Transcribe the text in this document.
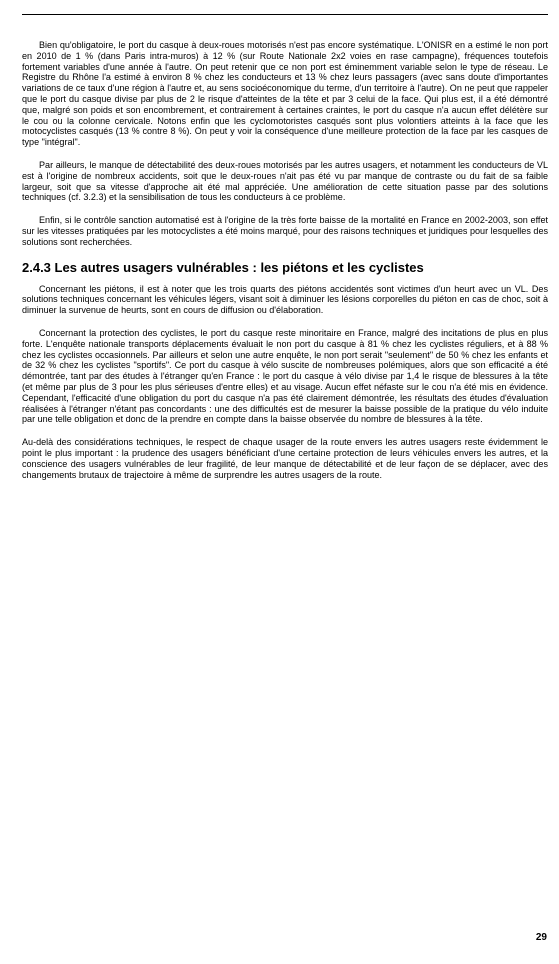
Bien qu'obligatoire, le port du casque à deux-roues motorisés n'est pas encore systématique. L'ONISR en a estimé le non port en 2010 de 1 % (dans Paris intra-muros) à 12 % (sur Route Nationale 2x2 voies en rase campagne), fréquences toutefois fortement variables d'une année à l'autre. On peut retenir que ce non port est éminemment variable selon le type de réseau. Le Registre du Rhône l'a estimé à environ 8 % chez les conducteurs et 13 % chez leurs passagers (avec sans doute d'importantes variations de ce taux d'une région à l'autre et, au sens socioéconomique du terme, d'un territoire à l'autre). On ne peut que rappeler que le port du casque divise par plus de 2 le risque d'atteintes de la tête et par 3 celui de la face. Qui plus est, il a été démontré que, malgré son poids et son encombrement, et contrairement à certaines craintes, le port du casque n'a aucun effet délétère sur le cou ou la colonne cervicale. Notons enfin que les cyclomotoristes casqués sont plus volontiers atteints à la face que les motocyclistes casqués (13 % contre 8 %). On peut y voir la conséquence d'une meilleure protection de la face par les casques de type "intégral".

Par ailleurs, le manque de détectabilité des deux-roues motorisés par les autres usagers, et notamment les conducteurs de VL est à l'origine de nombreux accidents, soit que le deux-roues n'ait pas été vu par manque de contraste ou du fait de sa faible largeur, soit que sa vitesse d'approche ait été mal appréciée. Une amélioration de cette situation passe par des solutions techniques (cf. 3.2.3) et la sensibilisation de tous les conducteurs à ce problème.

Enfin, si le contrôle sanction automatisé est à l'origine de la très forte baisse de la mortalité en France en 2002-2003, son effet sur les vitesses pratiquées par les motocyclistes a été moins marqué, pour des raisons techniques et juridiques pour lesquelles des solutions sont recherchées.

2.4.3 Les autres usagers vulnérables : les piétons et les cyclistes

Concernant les piétons, il est à noter que les trois quarts des piétons accidentés sont victimes d'un heurt avec un VL. Des solutions techniques concernant les véhicules légers, visant soit à diminuer les lésions corporelles du piéton en cas de choc, soit à diminuer la survenue de heurts, sont en cours de diffusion ou d'élaboration.

Concernant la protection des cyclistes, le port du casque reste minoritaire en France, malgré des incitations de plus en plus forte. L'enquête nationale transports déplacements évaluait le non port du casque à 81 % chez les cyclistes réguliers, et à 88 % chez les cyclistes occasionnels. Par ailleurs et selon une autre enquête, le non port serait "seulement" de 50 % chez les enfants et de 32 % chez les cyclistes "sportifs". Ce port du casque à vélo suscite de nombreuses polémiques, alors que son efficacité a été démontrée, tant par des études à l'étranger qu'en France : le port du casque à vélo divise par 1,4 le risque de blessures à la tête (et même par plus de 3 pour les plus sérieuses d'entre elles) et au visage. Aucun effet néfaste sur le cou n'a été mis en évidence. Cependant, l'efficacité d'une obligation du port du casque n'a pas été clairement démontrée, les résultats des études d'évaluation réalisées à l'étranger n'étant pas concordants : une des difficultés est de mesurer la baisse possible de la pratique du vélo induite par une telle obligation et donc de la prendre en compte dans la baisse observée du nombre de blessures à la tête.

Au-delà des considérations techniques, le respect de chaque usager de la route envers les autres usagers reste évidemment le point le plus important : la prudence des usagers bénéficiant d'une certaine protection de leurs véhicules envers les autres, et la conscience des usagers vulnérables de leur fragilité, de leur manque de détectabilité et de leur façon de se déplacer, avec des changements brutaux de trajectoire à même de surprendre les autres usagers de la route.

29
